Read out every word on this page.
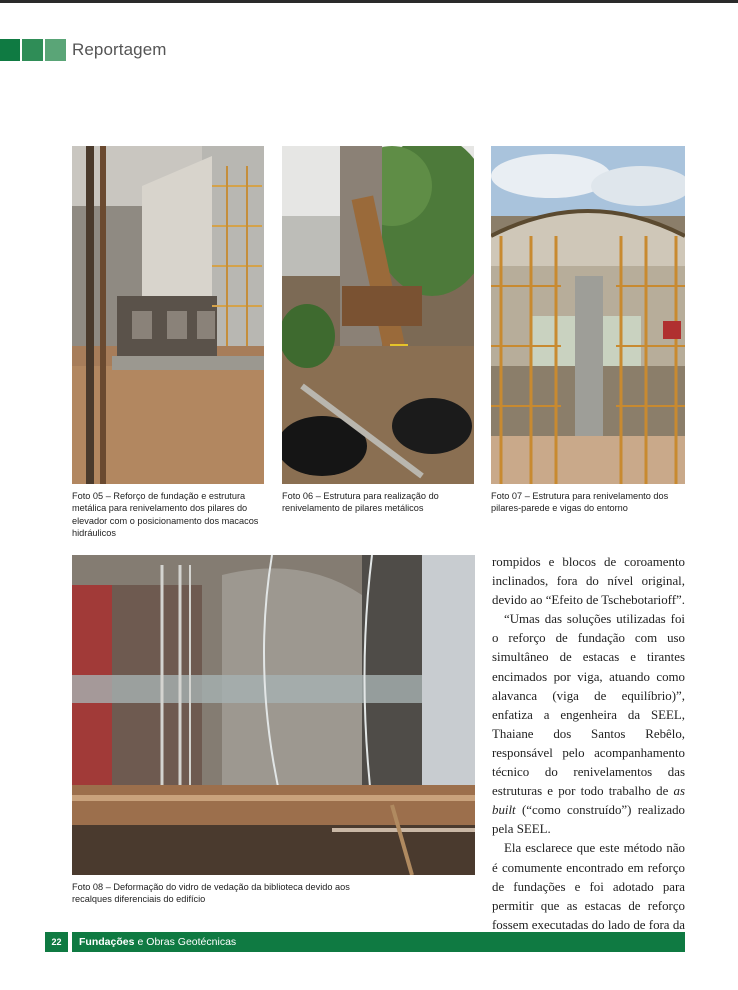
Reportagem
Foto 05 – Reforço de fundação e estrutura metálica para renivelamento dos pilares do elevador com o posicionamento dos macacos hidráulicos
Foto 06 – Estrutura para realização do renivelamento de pilares metálicos
Foto 07 – Estrutura para renivelamento dos pilares-parede e vigas do entorno
Foto 08 – Deformação do vidro de vedação da biblioteca devido aos recalques diferenciais do edifício

rompidos e blocos de coroamento inclinados, fora do nível original, devido ao “Efeito de Tschebotarioff”.

“Umas das soluções utilizadas foi o reforço de fundação com uso simultâneo de estacas e tirantes encimados por viga, atuando como alavanca (viga de equilíbrio)”, enfatiza a engenheira da SEEL, Thaiane dos Santos Rebêlo, responsável pelo acompanhamento técnico do renivelamentos das estruturas e por todo trabalho de as built (“como construído”) realizado pela SEEL.

Ela esclarece que este método não é comumente encontrado em reforço de fundações e foi adotado para permitir que as estacas de reforço fossem executadas do lado de fora da

22	Fundações e Obras Geotécnicas
